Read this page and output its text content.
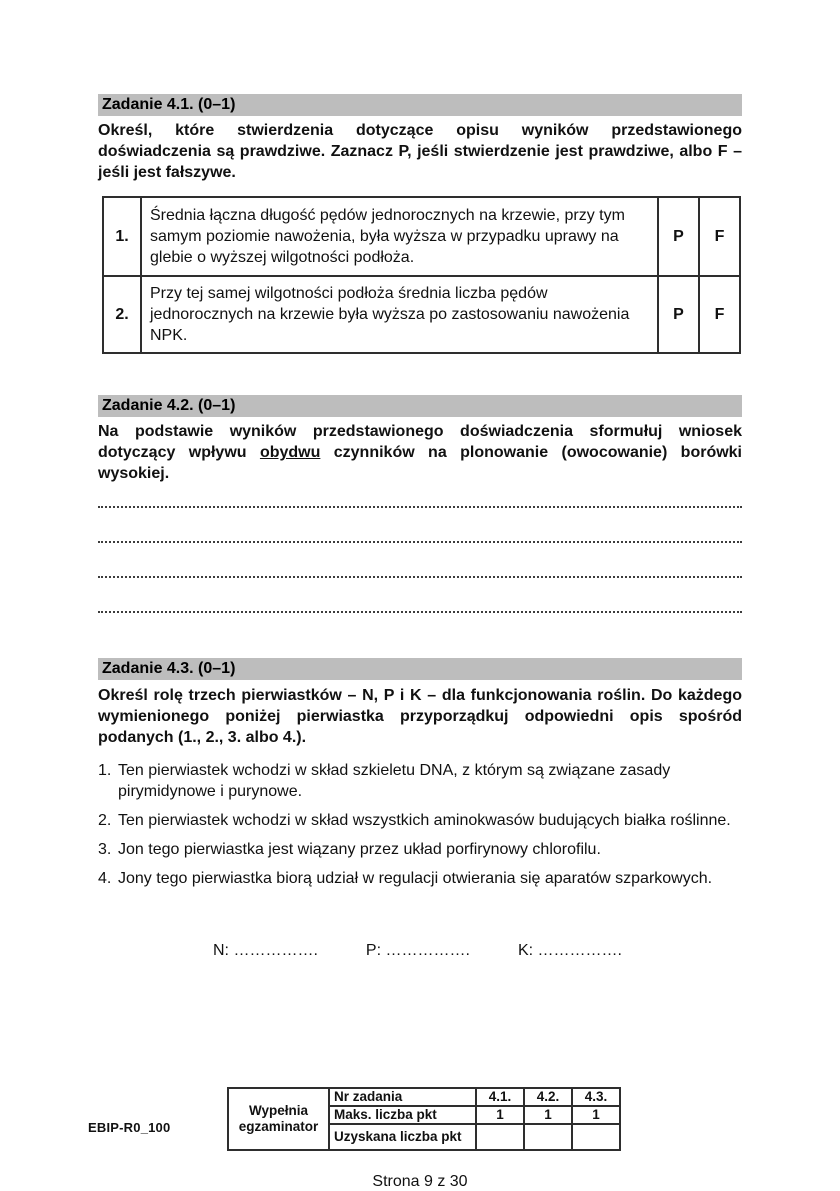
Zadanie 4.1. (0–1)
Określ, które stwierdzenia dotyczące opisu wyników przedstawionego doświadczenia są prawdziwe. Zaznacz P, jeśli stwierdzenie jest prawdziwe, albo F – jeśli jest fałszywe.
1.	Średnia łączna długość pędów jednorocznych na krzewie, przy tym samym poziomie nawożenia, była wyższa w przypadku uprawy na glebie o wyższej wilgotności podłoża.	P	F
2.	Przy tej samej wilgotności podłoża średnia liczba pędów jednorocznych na krzewie była wyższa po zastosowaniu nawożenia NPK.	P	F
Zadanie 4.2. (0–1)
Na podstawie wyników przedstawionego doświadczenia sformułuj wniosek dotyczący wpływu obydwu czynników na plonowanie (owocowanie) borówki wysokiej.
Zadanie 4.3. (0–1)
Określ rolę trzech pierwiastków – N, P i K – dla funkcjonowania roślin. Do każdego wymienionego poniżej pierwiastka przyporządkuj odpowiedni opis spośród podanych (1., 2., 3. albo 4.).
1. Ten pierwiastek wchodzi w skład szkieletu DNA, z którym są związane zasady pirymidynowe i purynowe.
2. Ten pierwiastek wchodzi w skład wszystkich aminokwasów budujących białka roślinne.
3. Jon tego pierwiastka jest wiązany przez układ porfirynowy chlorofilu.
4. Jony tego pierwiastka biorą udział w regulacji otwierania się aparatów szparkowych.
N: …………….	P: …………….	K: …………….
Wypełnia egzaminator	Nr zadania	4.1.	4.2.	4.3.
	Maks. liczba pkt	1	1	1
	Uzyskana liczba pkt			
Strona 9 z 30
EBIP-R0_100
